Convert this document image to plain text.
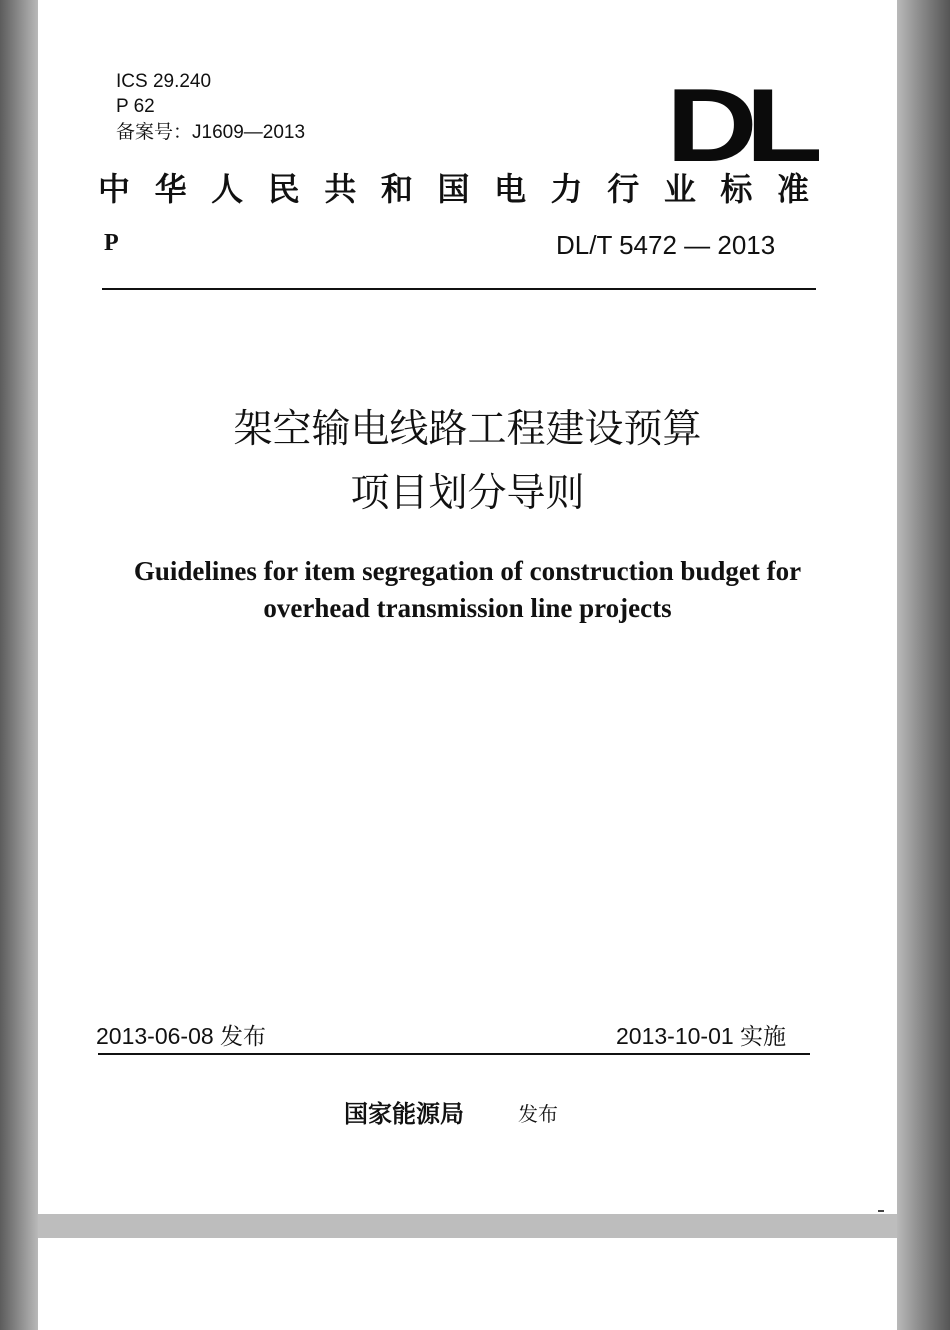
ICS 29.240

P 62

备案号：J1609—2013	DL
中华人民共和国电力行业标准
P	DL/T 5472 — 2013
架空输电线路工程建设预算
项目划分导则
Guidelines for item segregation of construction budget for
overhead transmission line projects
2013-06-08 发布	2013-10-01 实施
国家能源局	发布
